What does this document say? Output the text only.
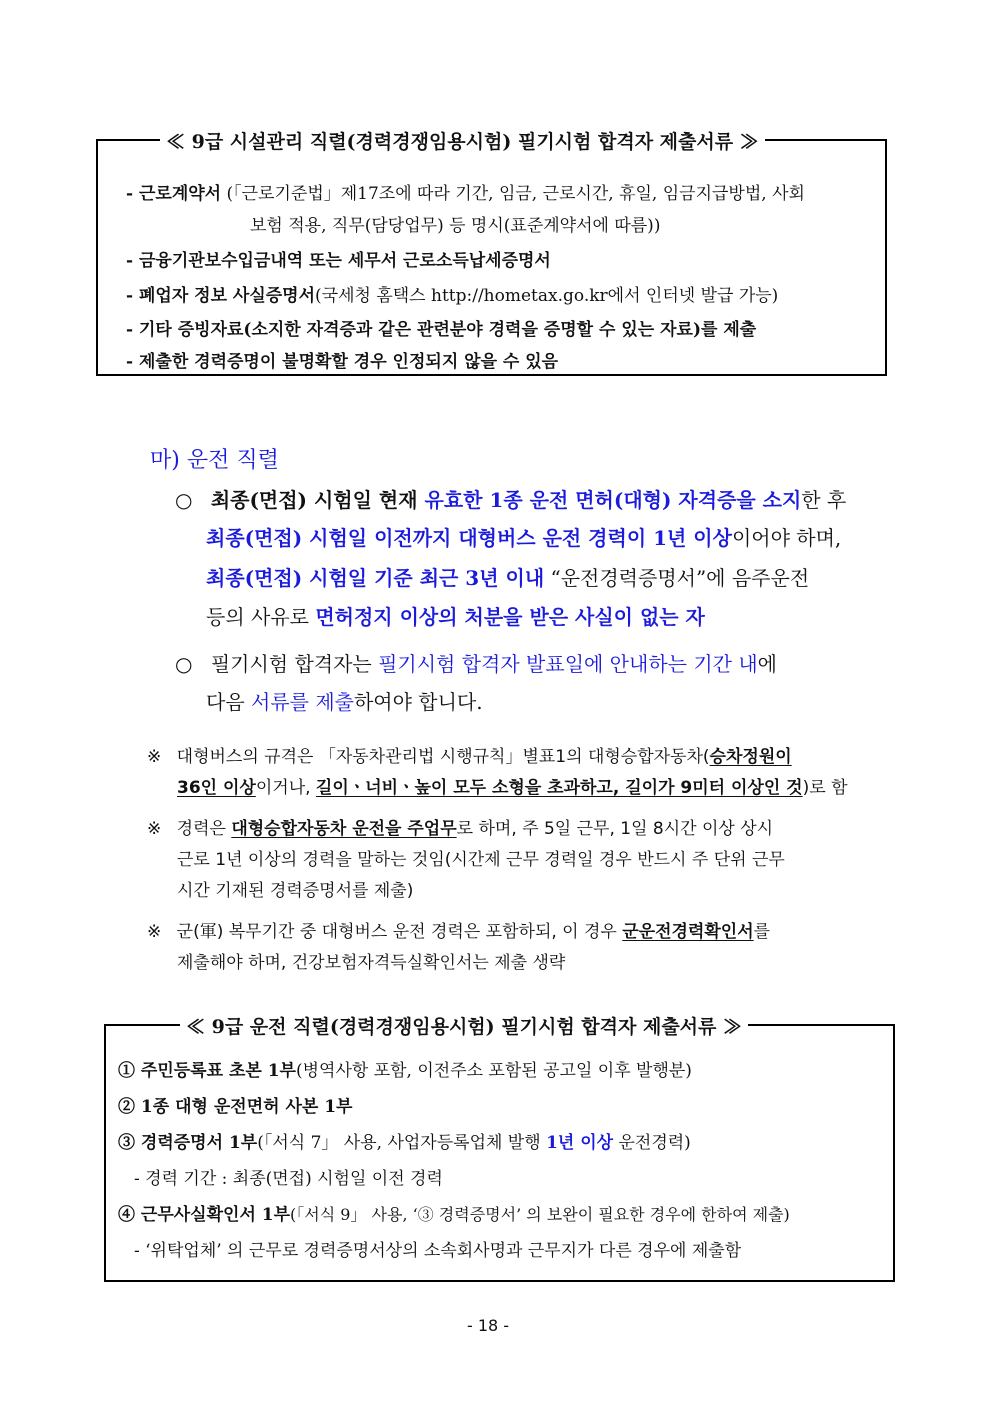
≪ 9급 시설관리 직렬(경력경쟁임용시험) 필기시험 합격자 제출서류 ≫
- 근로계약서 (「근로기준법」제17조에 따라 기간, 임금, 근로시간, 휴일, 임금지급방법, 사회
보험 적용, 직무(담당업무) 등 명시(표준계약서에 따름))
- 금융기관보수입금내역 또는 세무서 근로소득납세증명서
- 폐업자 정보 사실증명서(국세청 홈택스 http://hometax.go.kr에서 인터넷 발급 가능)
- 기타 증빙자료(소지한 자격증과 같은 관련분야 경력을 증명할 수 있는 자료)를 제출
- 제출한 경력증명이 불명확할 경우 인정되지 않을 수 있음
마) 운전 직렬
○ 최종(면접) 시험일 현재 유효한 1종 운전 면허(대형) 자격증을 소지한 후
최종(면접) 시험일 이전까지 대형버스 운전 경력이 1년 이상이어야 하며,
최종(면접) 시험일 기준 최근 3년 이내 “운전경력증명서”에 음주운전
등의 사유로 면허정지 이상의 처분을 받은 사실이 없는 자
○ 필기시험 합격자는 필기시험 합격자 발표일에 안내하는 기간 내에
다음 서류를 제출하여야 합니다.
※ 대형버스의 규격은 「자동차관리법 시행규칙」별표1의 대형승합자동차(승차정원이
36인 이상이거나, 길이ㆍ너비ㆍ높이 모두 소형을 초과하고, 길이가 9미터 이상인 것)로 함
※ 경력은 대형승합자동차 운전을 주업무로 하며, 주 5일 근무, 1일 8시간 이상 상시
근로 1년 이상의 경력을 말하는 것임(시간제 근무 경력일 경우 반드시 주 단위 근무
시간 기재된 경력증명서를 제출)
※ 군(軍) 복무기간 중 대형버스 운전 경력은 포함하되, 이 경우 군운전경력확인서를
제출해야 하며, 건강보험자격득실확인서는 제출 생략
≪ 9급 운전 직렬(경력경쟁임용시험) 필기시험 합격자 제출서류 ≫
① 주민등록표 초본 1부(병역사항 포함, 이전주소 포함된 공고일 이후 발행분)
② 1종 대형 운전면허 사본 1부
③ 경력증명서 1부(「서식 7」 사용, 사업자등록업체 발행 1년 이상 운전경력)
- 경력 기간 : 최종(면접) 시험일 이전 경력
④ 근무사실확인서 1부(「서식 9」 사용, ‘③ 경력증명서’ 의 보완이 필요한 경우에 한하여 제출)
- ‘위탁업체’ 의 근무로 경력증명서상의 소속회사명과 근무지가 다른 경우에 제출함
- 18 -
